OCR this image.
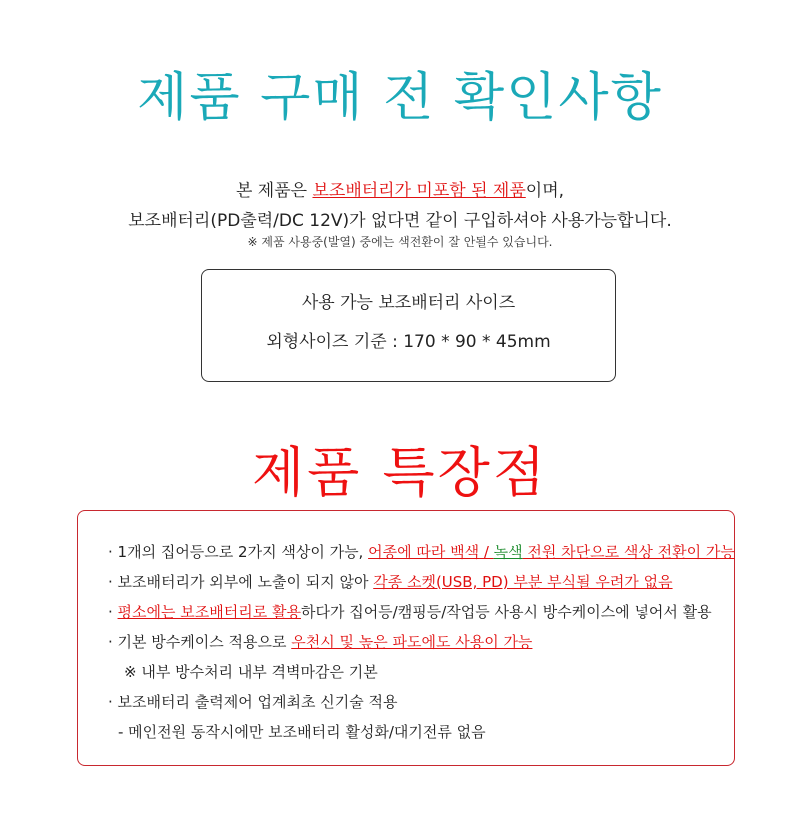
제품 구매 전 확인사항
본 제품은 보조배터리가 미포함 된 제품이며,
보조배터리(PD출력/DC 12V)가 없다면 같이 구입하셔야 사용가능합니다.
※ 제품 사용중(발열) 중에는 색전환이 잘 안될수 있습니다.
사용 가능 보조배터리 사이즈
외형사이즈 기준 : 170 * 90 * 45mm
제품 특장점
· 1개의 집어등으로 2가지 색상이 가능, 어종에 따라 백색 / 녹색 전원 차단으로 색상 전환이 가능
· 보조배터리가 외부에 노출이 되지 않아 각종 소켓(USB, PD) 부분 부식될 우려가 없음
· 평소에는 보조배터리로 활용하다가 집어등/캠핑등/작업등 사용시 방수케이스에 넣어서 활용
· 기본 방수케이스 적용으로 우천시 및 높은 파도에도 사용이 가능
※ 내부 방수처리 내부 격벽마감은 기본
· 보조배터리 출력제어 업계최초 신기술 적용
- 메인전원 동작시에만 보조배터리 활성화/대기전류 없음
